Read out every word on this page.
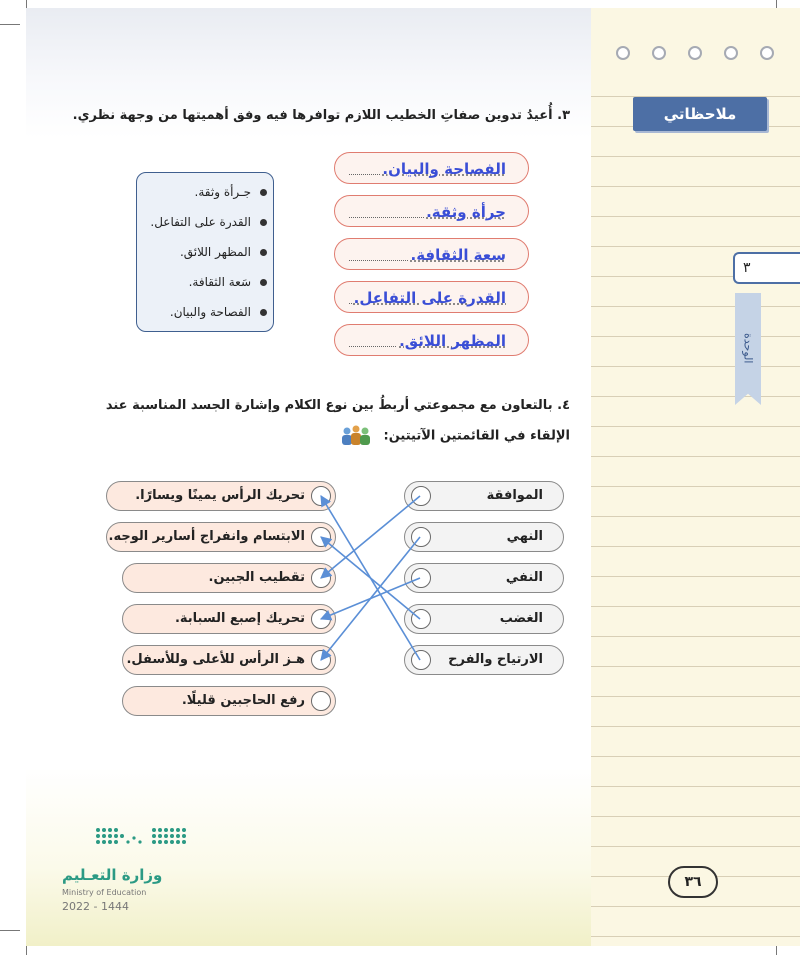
ملاحظاتي
٣
الوحدة
٣٦
٣. أُعيدُ تدوين صفاتِ الخطيب اللازم توافرها فيه وفق أهميتها من وجهة نظري.
الفصاحة والبيان.
جرأة وثقة.
سعة الثقافة.
القدرة على التفاعل.
المظهر اللائق.
جـرأة وثقة.
القدرة على التفاعل.
المظهر اللائق.
سَعة الثقافة.
الفصاحة والبيان.
٤. بالتعاون مع مجموعتي أربطُ بين نوع الكلام وإشارة الجسد المناسبة عند
الإلقاء في القائمتين الآتيتين:
تحريك الرأس يمينًا ويسارًا.
الابتسام وانفراج أسارير الوجه.
تقطيب الجبين.
تحريك إصبع السبابة.
هـز الرأس للأعلى وللأسفل.
رفع الحاجبين قليلًا.
الموافقة
النهي
النفي
الغضب
الارتياح والفرح
وزارة التعـليم
Ministry of Education
2022 - 1444
